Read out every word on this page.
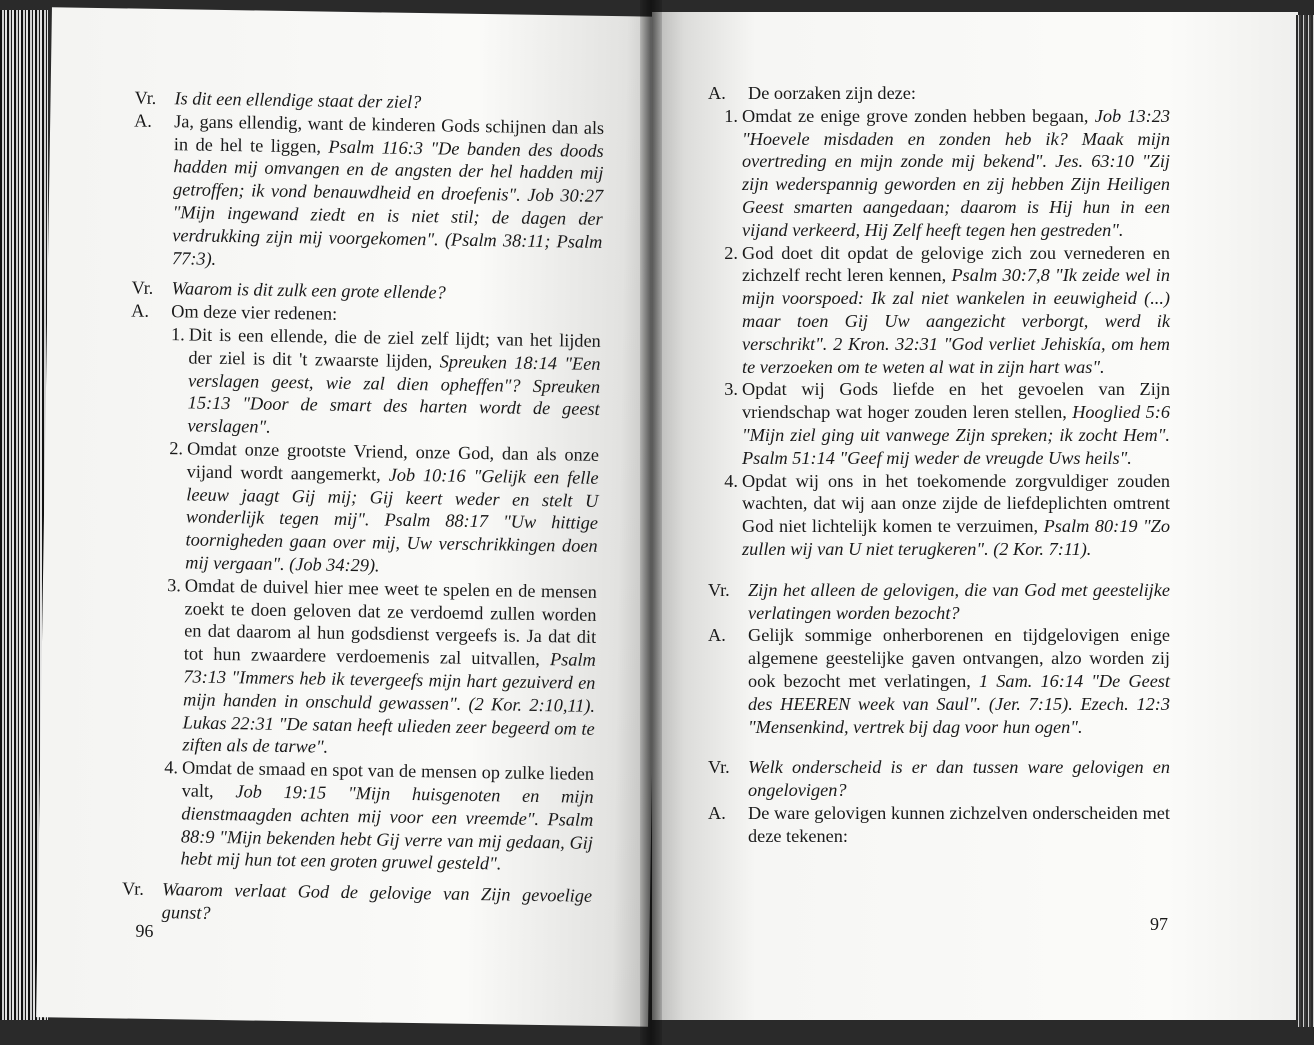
Vr. Is dit een ellendige staat der ziel?
A.	Ja, gans ellendig, want de kinderen Gods schijnen dan als in de hel te liggen, Psalm 116:3 "De banden des doods hadden mij omvangen en de angsten der hel hadden mij getroffen; ik vond benauwdheid en droefenis". Job 30:27 "Mijn ingewand ziedt en is niet stil; de dagen der verdrukking zijn mij voorgekomen". (Psalm 38:11; Psalm 77:3).
Vr. Waarom is dit zulk een grote ellende?
A.	Om deze vier redenen:
1. Dit is een ellende, die de ziel zelf lijdt; van het lijden der ziel is dit 't zwaarste lijden, Spreuken 18:14 "Een verslagen geest, wie zal dien opheffen"? Spreuken 15:13 "Door de smart des harten wordt de geest verslagen".
2. Omdat onze grootste Vriend, onze God, dan als onze vijand wordt aangemerkt, Job 10:16 "Gelijk een felle leeuw jaagt Gij mij; Gij keert weder en stelt U wonderlijk tegen mij". Psalm 88:17 "Uw hittige toornigheden gaan over mij, Uw verschrikkingen doen mij vergaan". (Job 34:29).
3. Omdat de duivel hier mee weet te spelen en de mensen zoekt te doen geloven dat ze verdoemd zullen worden en dat daarom al hun godsdienst vergeefs is. Ja dat dit tot hun zwaardere verdoemenis zal uitvallen, Psalm 73:13 "Immers heb ik tevergeefs mijn hart gezuiverd en mijn handen in onschuld gewassen". (2 Kor. 2:10,11). Lukas 22:31 "De satan heeft ulieden zeer begeerd om te ziften als de tarwe".
4. Omdat de smaad en spot van de mensen op zulke lieden valt, Job 19:15 "Mijn huisgenoten en mijn dienstmaagden achten mij voor een vreemde". Psalm 88:9 "Mijn bekenden hebt Gij verre van mij gedaan, Gij hebt mij hun tot een groten gruwel gesteld".
Vr. Waarom verlaat God de gelovige van Zijn gevoelige gunst?
96
A.	De oorzaken zijn deze:
1. Omdat ze enige grove zonden hebben begaan, Job 13:23 "Hoevele misdaden en zonden heb ik? Maak mijn overtreding en mijn zonde mij bekend". Jes. 63:10 "Zij zijn wederspannig geworden en zij hebben Zijn Heiligen Geest smarten aangedaan; daarom is Hij hun in een vijand verkeerd, Hij Zelf heeft tegen hen gestreden".
2. God doet dit opdat de gelovige zich zou vernederen en zichzelf recht leren kennen, Psalm 30:7,8 "Ik zeide wel in mijn voorspoed: Ik zal niet wankelen in eeuwigheid (...) maar toen Gij Uw aangezicht verborgt, werd ik verschrikt". 2 Kron. 32:31 "God verliet Jehiskía, om hem te verzoeken om te weten al wat in zijn hart was".
3. Opdat wij Gods liefde en het gevoelen van Zijn vriendschap wat hoger zouden leren stellen, Hooglied 5:6 "Mijn ziel ging uit vanwege Zijn spreken; ik zocht Hem". Psalm 51:14 "Geef mij weder de vreugde Uws heils".
4. Opdat wij ons in het toekomende zorgvuldiger zouden wachten, dat wij aan onze zijde de liefdeplichten omtrent God niet lichtelijk komen te verzuimen, Psalm 80:19 "Zo zullen wij van U niet terugkeren". (2 Kor. 7:11).
Vr. Zijn het alleen de gelovigen, die van God met geestelijke verlatingen worden bezocht?
A.	Gelijk sommige onherborenen en tijdgelovigen enige algemene geestelijke gaven ontvangen, alzo worden zij ook bezocht met verlatingen, 1 Sam. 16:14 "De Geest des HEEREN week van Saul". (Jer. 7:15). Ezech. 12:3 "Mensenkind, vertrek bij dag voor hun ogen".
Vr. Welk onderscheid is er dan tussen ware gelovigen en ongelovigen?
A.	De ware gelovigen kunnen zichzelven onderscheiden met deze tekenen:
97
